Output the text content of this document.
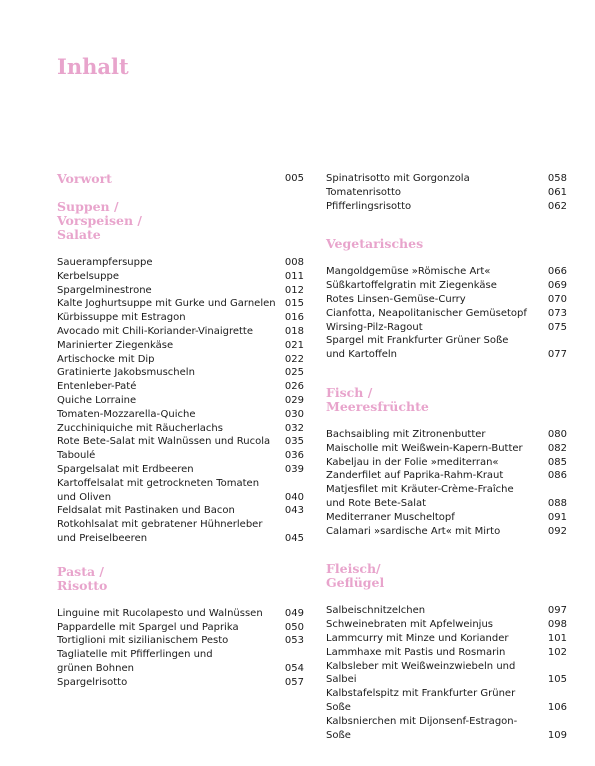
Inhalt
Vorwort	005
Suppen /
Vorspeisen /
Salate
Sauerampfersuppe	008
Kerbelsuppe	011
Spargelminestrone	012
Kalte Joghurtsuppe mit Gurke und Garnelen 015
Kürbissuppe mit Estragon	016
Avocado mit Chili-Koriander-Vinaigrette	018
Marinierter Ziegenkäse	021
Artischocke mit Dip	022
Gratinierte Jakobsmuscheln	025
Entenleber-Paté	026
Quiche Lorraine	029
Tomaten-Mozzarella-Quiche	030
Zucchiniquiche mit Räucherlachs	032
Rote Bete-Salat mit Walnüssen und Rucola	035
Taboulé	036
Spargelsalat mit Erdbeeren	039
Kartoffelsalat mit getrockneten Tomaten
und Oliven	040
Feldsalat mit Pastinaken und Bacon	043
Rotkohlsalat mit gebratener Hühnerleber
und Preiselbeeren	045
Pasta /
Risotto
Linguine mit Rucolapesto und Walnüssen	049
Pappardelle mit Spargel und Paprika	050
Tortiglioni mit sizilianischem Pesto	053
Tagliatelle mit Pfifferlingen und
grünen Bohnen	054
Spargelrisotto	057
Spinatrisotto mit Gorgonzola	058
Tomatenrisotto	061
Pfifferlingsrisotto	062
Vegetarisches
Mangoldgemüse »Römische Art«	066
Süßkartoffelgratin mit Ziegenkäse	069
Rotes Linsen-Gemüse-Curry	070
Cianfotta, Neapolitanischer Gemüsetopf	073
Wirsing-Pilz-Ragout	075
Spargel mit Frankfurter Grüner Soße
und Kartoffeln	077
Fisch /
Meeresfrüchte
Bachsaibling mit Zitronenbutter	080
Maischolle mit Weißwein-Kapern-Butter	082
Kabeljau in der Folie »mediterran«	085
Zanderfilet auf Paprika-Rahm-Kraut	086
Matjesfilet mit Kräuter-Crème-Fraîche
und Rote Bete-Salat	088
Mediterraner Muscheltopf	091
Calamari »sardische Art« mit Mirto	092
Fleisch/
Geflügel
Salbeischnitzelchen	097
Schweinebraten mit Apfelweinjus	098
Lammcurry mit Minze und Koriander	101
Lammhaxe mit Pastis und Rosmarin	102
Kalbsleber mit Weißweinzwiebeln und Salbei	105
Kalbstafelspitz mit Frankfurter Grüner Soße	106
Kalbsnierchen mit Dijonsenf-Estragon-Soße	109
